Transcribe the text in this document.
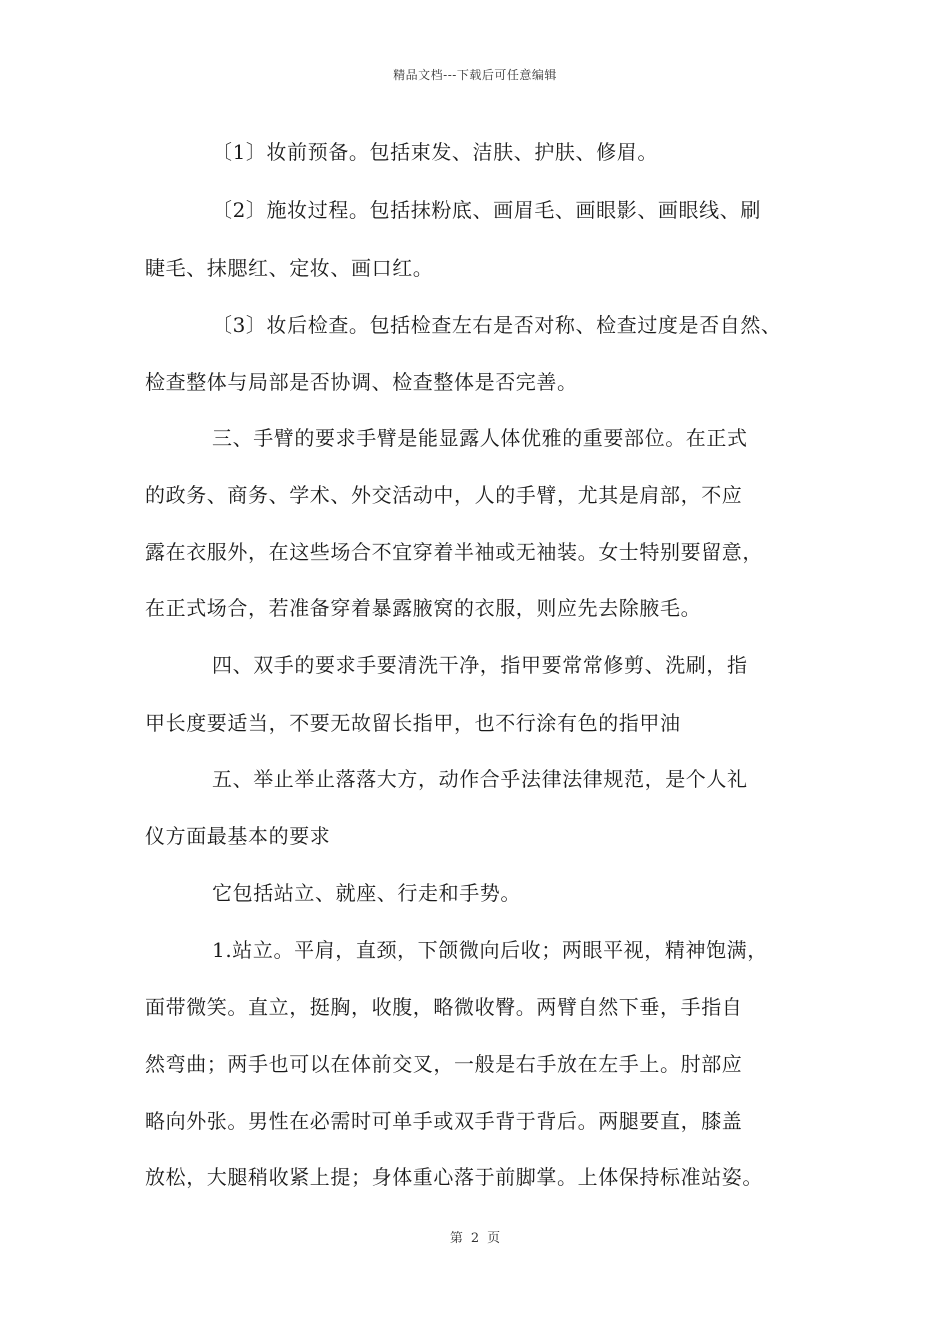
精品文档---下载后可任意编辑
〔1〕妆前预备。包括束发、洁肤、护肤、修眉。
〔2〕施妆过程。包括抹粉底、画眉毛、画眼影、画眼线、刷
睫毛、抹腮红、定妆、画口红。
〔3〕妆后检查。包括检查左右是否对称、检查过度是否自然、
检查整体与局部是否协调、检查整体是否完善。
三、手臂的要求手臂是能显露人体优雅的重要部位。在正式
的政务、商务、学术、外交活动中，人的手臂，尤其是肩部，不应
露在衣服外，在这些场合不宜穿着半袖或无袖装。女士特别要留意，
在正式场合，若准备穿着暴露腋窝的衣服，则应先去除腋毛。
四、双手的要求手要清洗干净，指甲要常常修剪、洗刷，指
甲长度要适当，不要无故留长指甲，也不行涂有色的指甲油
五、举止举止落落大方，动作合乎法律法律规范，是个人礼
仪方面最基本的要求
它包括站立、就座、行走和手势。
1.站立。平肩，直颈，下颌微向后收；两眼平视，精神饱满，
面带微笑。直立，挺胸，收腹，略微收臀。两臂自然下垂，手指自
然弯曲；两手也可以在体前交叉，一般是右手放在左手上。肘部应
略向外张。男性在必需时可单手或双手背于背后。两腿要直，膝盖
放松，大腿稍收紧上提；身体重心落于前脚掌。上体保持标准站姿。
第 2 页
